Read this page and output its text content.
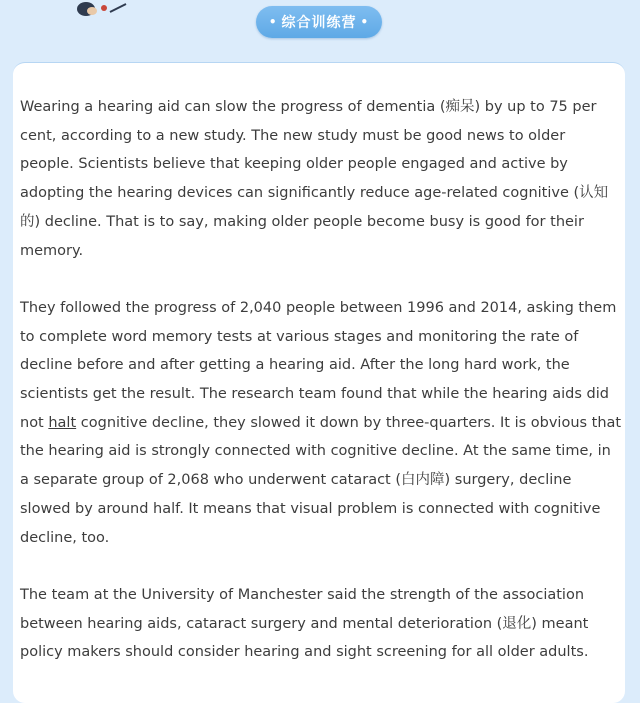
• 综合训练营 •

Wearing a hearing aid can slow the progress of dementia (痴呆) by up to 75 per cent, according to a new study. The new study must be good news to older people. Scientists believe that keeping older people engaged and active by adopting the hearing devices can significantly reduce age-related cognitive (认知的) decline. That is to say, making older people become busy is good for their memory.

They followed the progress of 2,040 people between 1996 and 2014, asking them to complete word memory tests at various stages and monitoring the rate of decline before and after getting a hearing aid. After the long hard work, the scientists get the result. The research team found that while the hearing aids did not halt cognitive decline, they slowed it down by three-quarters. It is obvious that the hearing aid is strongly connected with cognitive decline. At the same time, in a separate group of 2,068 who underwent cataract (白内障) surgery, decline slowed by around half. It means that visual problem is connected with cognitive decline, too.

The team at the University of Manchester said the strength of the association between hearing aids, cataract surgery and mental deterioration (退化) meant policy makers should consider hearing and sight screening for all older adults.
